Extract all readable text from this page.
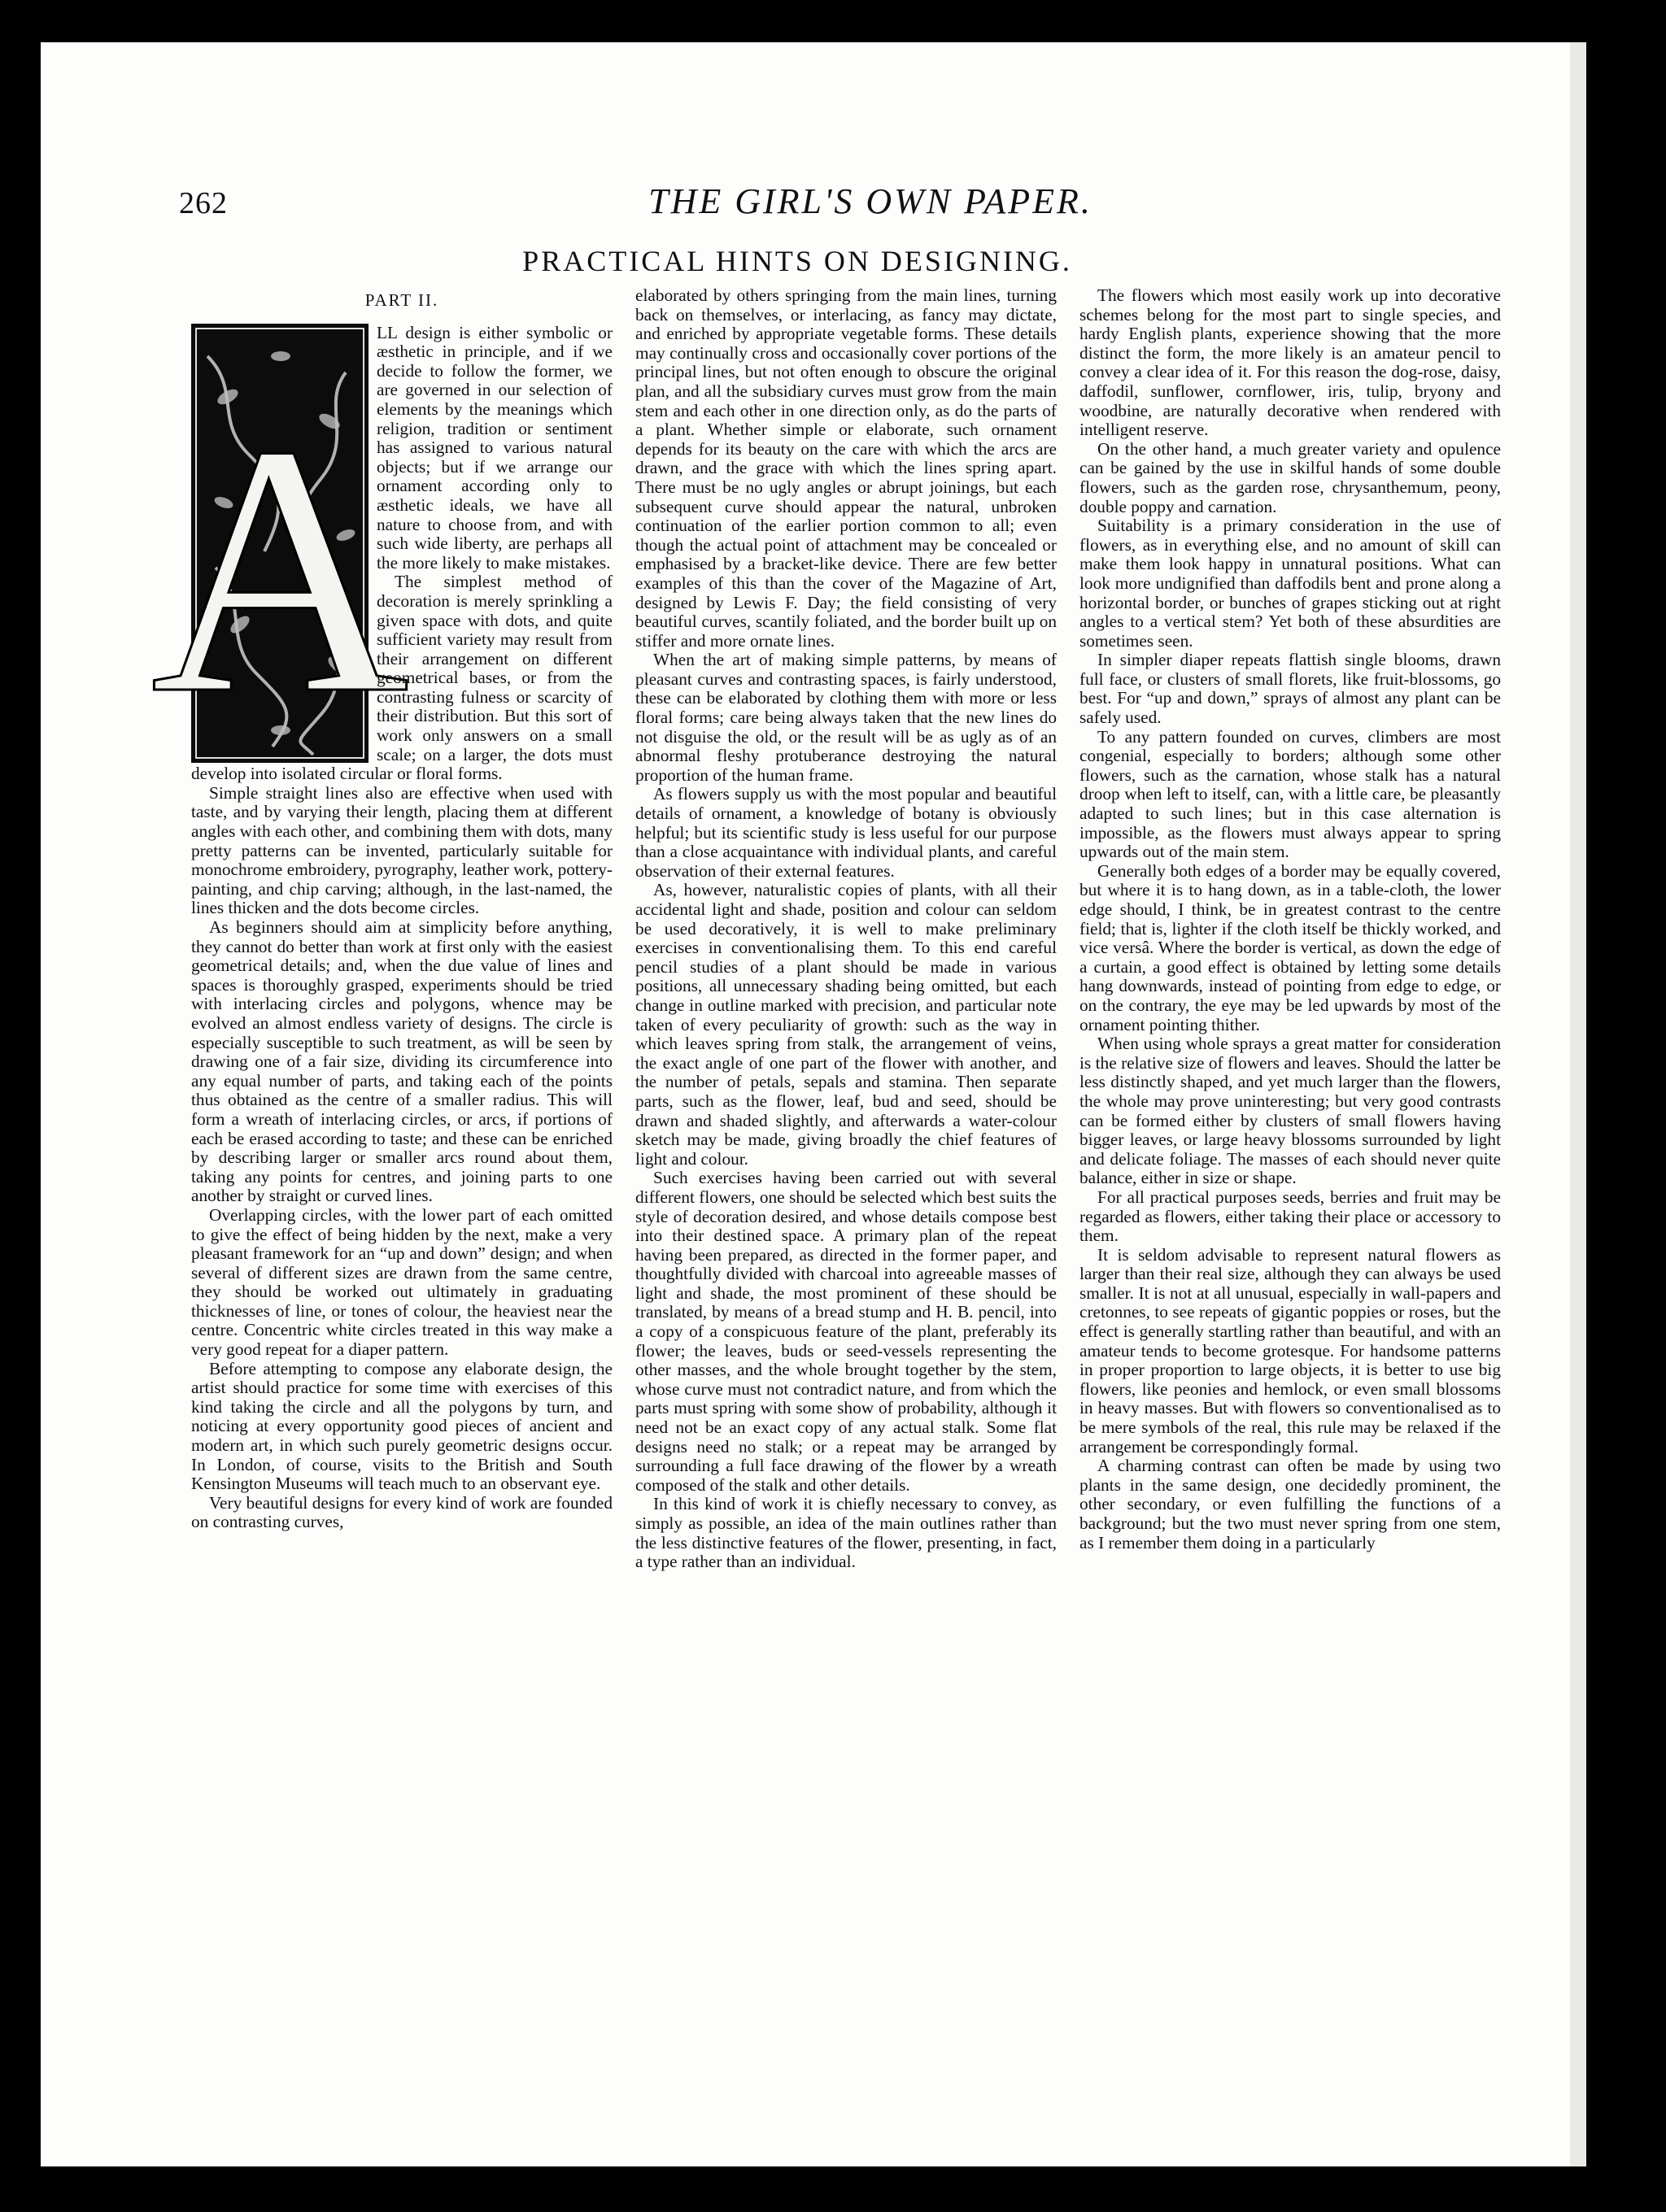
262	THE GIRL'S OWN PAPER.
PRACTICAL HINTS ON DESIGNING.
PART II.
A

LL design is either symbolic or æsthetic in principle, and if we decide to follow the former, we are governed in our selection of elements by the meanings which religion, tradition or sentiment has assigned to various natural objects; but if we arrange our ornament according only to æsthetic ideals, we have all nature to choose from, and with such wide liberty, are perhaps all the more likely to make mistakes.

The simplest method of decoration is merely sprinkling a given space with dots, and quite sufficient variety may result from their arrangement on different geometrical bases, or from the contrasting fulness or scarcity of their distribution. But this sort of work only answers on a small scale; on a larger, the dots must develop into isolated circular or floral forms.

Simple straight lines also are effective when used with taste, and by varying their length, placing them at different angles with each other, and combining them with dots, many pretty patterns can be invented, particularly suitable for monochrome embroidery, pyrography, leather work, pottery-painting, and chip carving; although, in the last-named, the lines thicken and the dots become circles.

As beginners should aim at simplicity before anything, they cannot do better than work at first only with the easiest geometrical details; and, when the due value of lines and spaces is thoroughly grasped, experiments should be tried with interlacing circles and polygons, whence may be evolved an almost endless variety of designs. The circle is especially susceptible to such treatment, as will be seen by drawing one of a fair size, dividing its circumference into any equal number of parts, and taking each of the points thus obtained as the centre of a smaller radius. This will form a wreath of interlacing circles, or arcs, if portions of each be erased according to taste; and these can be enriched by describing larger or smaller arcs round about them, taking any points for centres, and joining parts to one another by straight or curved lines.

Overlapping circles, with the lower part of each omitted to give the effect of being hidden by the next, make a very pleasant framework for an “up and down” design; and when several of different sizes are drawn from the same centre, they should be worked out ultimately in graduating thicknesses of line, or tones of colour, the heaviest near the centre. Concentric white circles treated in this way make a very good repeat for a diaper pattern.

Before attempting to compose any elaborate design, the artist should practice for some time with exercises of this kind taking the circle and all the polygons by turn, and noticing at every opportunity good pieces of ancient and modern art, in which such purely geometric designs occur. In London, of course, visits to the British and South Kensington Museums will teach much to an observant eye.

Very beautiful designs for every kind of work are founded on contrasting curves,

elaborated by others springing from the main lines, turning back on themselves, or interlacing, as fancy may dictate, and enriched by appropriate vegetable forms. These details may continually cross and occasionally cover portions of the principal lines, but not often enough to obscure the original plan, and all the subsidiary curves must grow from the main stem and each other in one direction only, as do the parts of a plant. Whether simple or elaborate, such ornament depends for its beauty on the care with which the arcs are drawn, and the grace with which the lines spring apart. There must be no ugly angles or abrupt joinings, but each subsequent curve should appear the natural, unbroken continuation of the earlier portion common to all; even though the actual point of attachment may be concealed or emphasised by a bracket-like device. There are few better examples of this than the cover of the Magazine of Art, designed by Lewis F. Day; the field consisting of very beautiful curves, scantily foliated, and the border built up on stiffer and more ornate lines.

When the art of making simple patterns, by means of pleasant curves and contrasting spaces, is fairly understood, these can be elaborated by clothing them with more or less floral forms; care being always taken that the new lines do not disguise the old, or the result will be as ugly as of an abnormal fleshy protuberance destroying the natural proportion of the human frame.

As flowers supply us with the most popular and beautiful details of ornament, a knowledge of botany is obviously helpful; but its scientific study is less useful for our purpose than a close acquaintance with individual plants, and careful observation of their external features.

As, however, naturalistic copies of plants, with all their accidental light and shade, position and colour can seldom be used decoratively, it is well to make preliminary exercises in conventionalising them. To this end careful pencil studies of a plant should be made in various positions, all unnecessary shading being omitted, but each change in outline marked with precision, and particular note taken of every peculiarity of growth: such as the way in which leaves spring from stalk, the arrangement of veins, the exact angle of one part of the flower with another, and the number of petals, sepals and stamina. Then separate parts, such as the flower, leaf, bud and seed, should be drawn and shaded slightly, and afterwards a water-colour sketch may be made, giving broadly the chief features of light and colour.

Such exercises having been carried out with several different flowers, one should be selected which best suits the style of decoration desired, and whose details compose best into their destined space. A primary plan of the repeat having been prepared, as directed in the former paper, and thoughtfully divided with charcoal into agreeable masses of light and shade, the most prominent of these should be translated, by means of a bread stump and H. B. pencil, into a copy of a conspicuous feature of the plant, preferably its flower; the leaves, buds or seed-vessels representing the other masses, and the whole brought together by the stem, whose curve must not contradict nature, and from which the parts must spring with some show of probability, although it need not be an exact copy of any actual stalk. Some flat designs need no stalk; or a repeat may be arranged by surrounding a full face drawing of the flower by a wreath composed of the stalk and other details.

In this kind of work it is chiefly necessary to convey, as simply as possible, an idea of the main outlines rather than the less distinctive features of the flower, presenting, in fact, a type rather than an individual.

The flowers which most easily work up into decorative schemes belong for the most part to single species, and hardy English plants, experience showing that the more distinct the form, the more likely is an amateur pencil to convey a clear idea of it. For this reason the dog-rose, daisy, daffodil, sunflower, cornflower, iris, tulip, bryony and woodbine, are naturally decorative when rendered with intelligent reserve.

On the other hand, a much greater variety and opulence can be gained by the use in skilful hands of some double flowers, such as the garden rose, chrysanthemum, peony, double poppy and carnation.

Suitability is a primary consideration in the use of flowers, as in everything else, and no amount of skill can make them look happy in unnatural positions. What can look more undignified than daffodils bent and prone along a horizontal border, or bunches of grapes sticking out at right angles to a vertical stem? Yet both of these absurdities are sometimes seen.

In simpler diaper repeats flattish single blooms, drawn full face, or clusters of small florets, like fruit-blossoms, go best. For “up and down,” sprays of almost any plant can be safely used.

To any pattern founded on curves, climbers are most congenial, especially to borders; although some other flowers, such as the carnation, whose stalk has a natural droop when left to itself, can, with a little care, be pleasantly adapted to such lines; but in this case alternation is impossible, as the flowers must always appear to spring upwards out of the main stem.

Generally both edges of a border may be equally covered, but where it is to hang down, as in a table-cloth, the lower edge should, I think, be in greatest contrast to the centre field; that is, lighter if the cloth itself be thickly worked, and vice versâ. Where the border is vertical, as down the edge of a curtain, a good effect is obtained by letting some details hang downwards, instead of pointing from edge to edge, or on the contrary, the eye may be led upwards by most of the ornament pointing thither.

When using whole sprays a great matter for consideration is the relative size of flowers and leaves. Should the latter be less distinctly shaped, and yet much larger than the flowers, the whole may prove uninteresting; but very good contrasts can be formed either by clusters of small flowers having bigger leaves, or large heavy blossoms surrounded by light and delicate foliage. The masses of each should never quite balance, either in size or shape.

For all practical purposes seeds, berries and fruit may be regarded as flowers, either taking their place or accessory to them.

It is seldom advisable to represent natural flowers as larger than their real size, although they can always be used smaller. It is not at all unusual, especially in wall-papers and cretonnes, to see repeats of gigantic poppies or roses, but the effect is generally startling rather than beautiful, and with an amateur tends to become grotesque. For handsome patterns in proper proportion to large objects, it is better to use big flowers, like peonies and hemlock, or even small blossoms in heavy masses. But with flowers so conventionalised as to be mere symbols of the real, this rule may be relaxed if the arrangement be correspondingly formal.

A charming contrast can often be made by using two plants in the same design, one decidedly prominent, the other secondary, or even fulfilling the functions of a background; but the two must never spring from one stem, as I remember them doing in a particularly
